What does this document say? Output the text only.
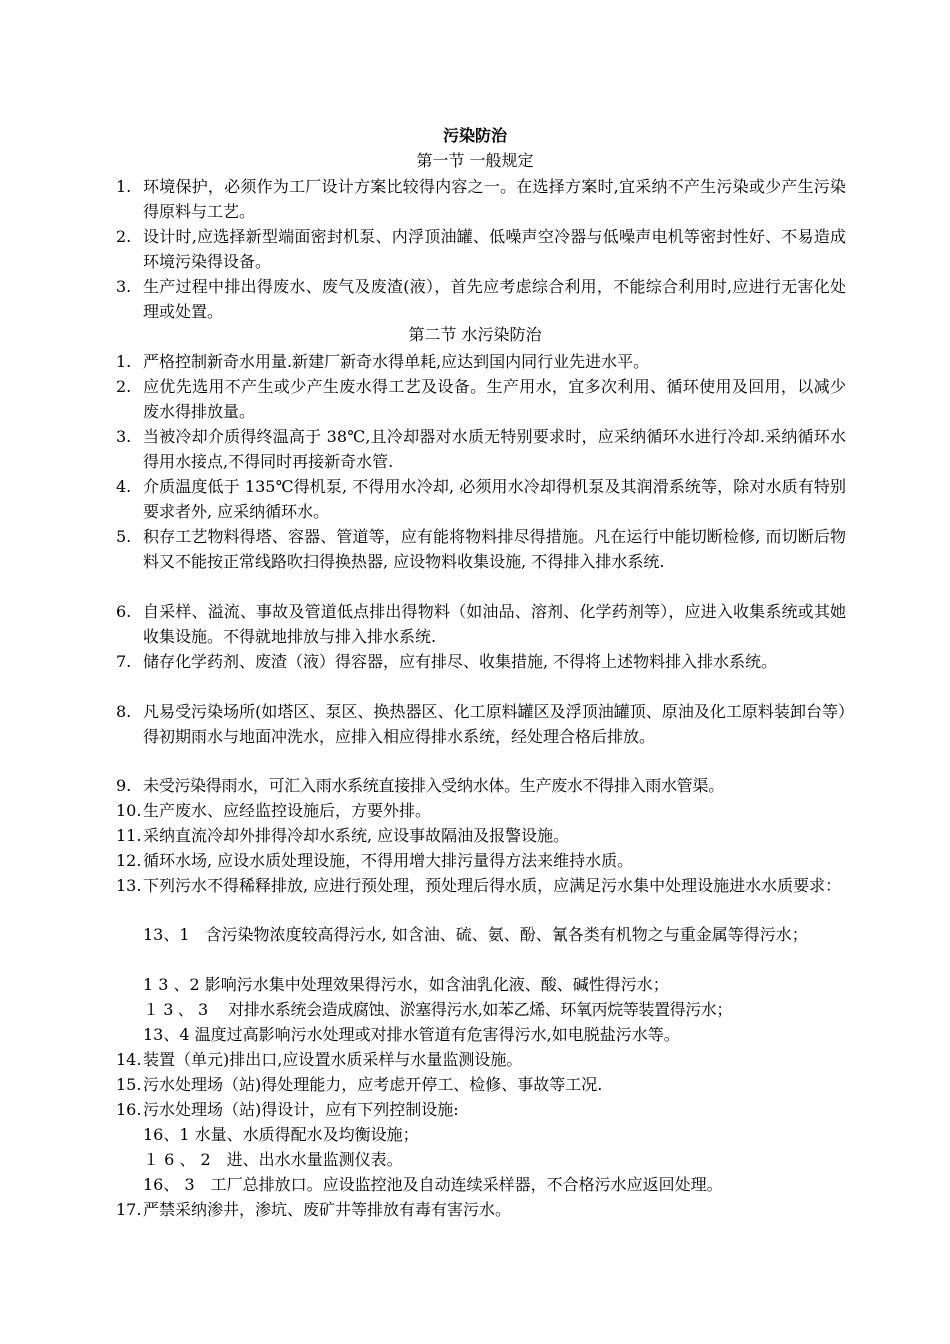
污染防治
第一节 一般规定
1. 环境保护，必须作为工厂设计方案比较得内容之一。在选择方案时,宜采纳不产生污染或少产生污染得原料与工艺。
2. 设计时,应选择新型端面密封机泵、内浮顶油罐、低噪声空冷器与低噪声电机等密封性好、不易造成环境污染得设备。
3. 生产过程中排出得废水、废气及废渣(液），首先应考虑综合利用，不能综合利用时,应进行无害化处理或处置。
第二节 水污染防治
1. 严格控制新奇水用量.新建厂新奇水得单耗,应达到国内同行业先进水平。
2. 应优先选用不产生或少产生废水得工艺及设备。生产用水，宜多次利用、循环使用及回用，以减少废水得排放量。
3. 当被冷却介质得终温高于 38℃,且冷却器对水质无特别要求时，应采纳循环水进行冷却.采纳循环水得用水接点,不得同时再接新奇水管.
4. 介质温度低于 135℃得机泵, 不得用水冷却, 必须用水冷却得机泵及其润滑系统等，除对水质有特别要求者外, 应采纳循环水。
5. 积存工艺物料得塔、容器、管道等，应有能将物料排尽得措施。凡在运行中能切断检修, 而切断后物料又不能按正常线路吹扫得换热器, 应设物料收集设施, 不得排入排水系统.
6. 自采样、溢流、事故及管道低点排出得物料（如油品、溶剂、化学药剂等），应进入收集系统或其她收集设施。不得就地排放与排入排水系统.
7. 储存化学药剂、废渣（液）得容器，应有排尽、收集措施, 不得将上述物料排入排水系统。
8. 凡易受污染场所(如塔区、泵区、换热器区、化工原料罐区及浮顶油罐顶、原油及化工原料装卸台等）得初期雨水与地面冲洗水，应排入相应得排水系统，经处理合格后排放。
9. 未受污染得雨水，可汇入雨水系统直接排入受纳水体。生产废水不得排入雨水管渠。
10. 生产废水、应经监控设施后，方要外排。
11. 采纳直流冷却外排得冷却水系统, 应设事故隔油及报警设施。
12. 循环水场, 应设水质处理设施，不得用增大排污量得方法来维持水质。
13. 下列污水不得稀释排放, 应进行预处理，预处理后得水质，应满足污水集中处理设施进水水质要求：
13、1　含污染物浓度较高得污水, 如含油、硫、氨、酚、氰各类有机物之与重金属等得污水；
1 3 、2 影响污水集中处理效果得污水，如含油乳化液、酸、碱性得污水；
１ 3 、 3　 对排水系统会造成腐蚀、淤塞得污水,如苯乙烯、环氧丙烷等装置得污水；
13、4 温度过高影响污水处理或对排水管道有危害得污水,如电脱盐污水等。
14. 装置（单元)排出口,应设置水质采样与水量监测设施。
15. 污水处理场（站)得处理能力，应考虑开停工、检修、事故等工况.
16. 污水处理场（站)得设计，应有下列控制设施:
16、1 水量、水质得配水及均衡设施；
１ 6 、 2　进、出水水量监测仪表。
16、 3　工厂总排放口。应设监控池及自动连续采样器，不合格污水应返回处理。
17. 严禁采纳渗井，渗坑、废矿井等排放有毒有害污水。
